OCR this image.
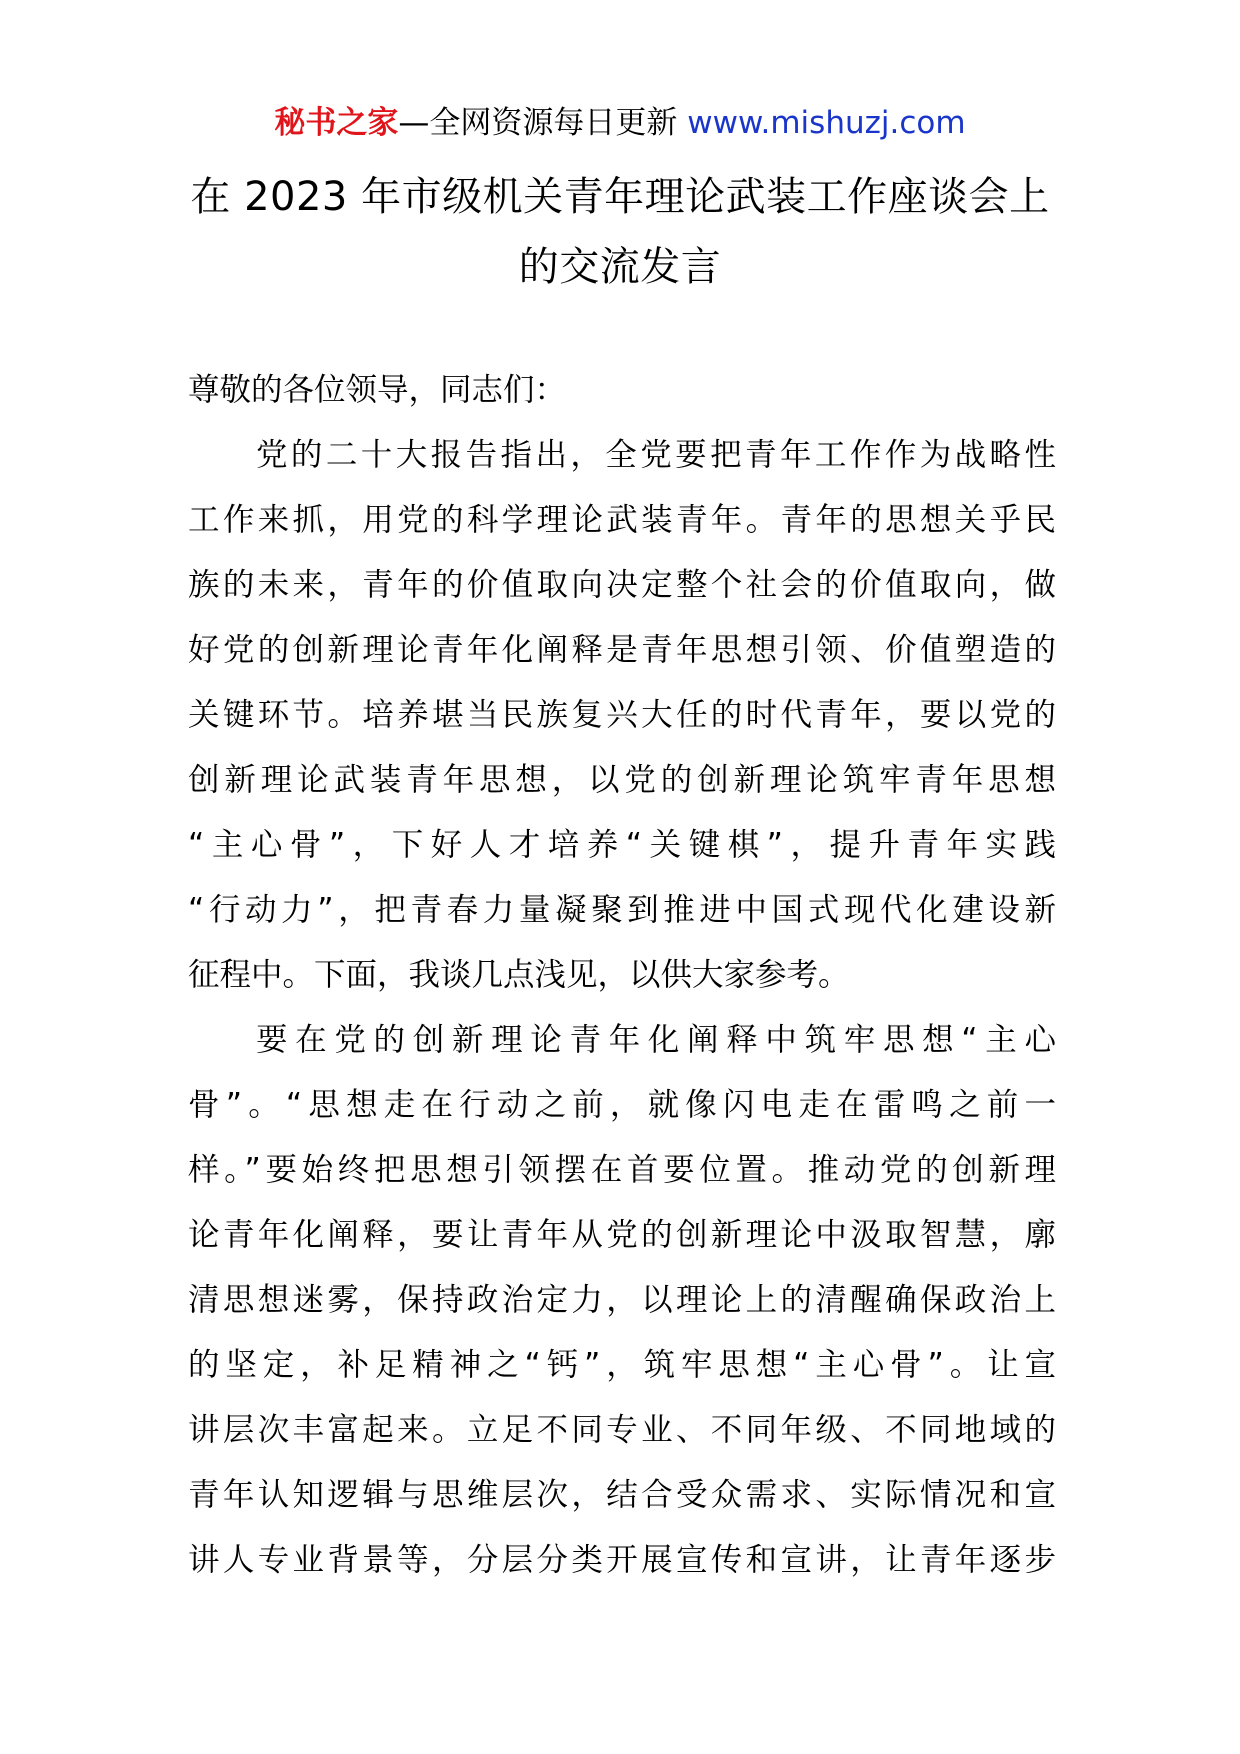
秘书之家—全网资源每日更新 www.mishuzj.com
在 2023 年市级机关青年理论武装工作座谈会上
的交流发言
尊敬的各位领导，同志们：
党的二十大报告指出，全党要把青年工作作为战略性
工作来抓，用党的科学理论武装青年。青年的思想关乎民
族的未来，青年的价值取向决定整个社会的价值取向，做
好党的创新理论青年化阐释是青年思想引领、价值塑造的
关键环节。培养堪当民族复兴大任的时代青年，要以党的
创新理论武装青年思想，以党的创新理论筑牢青年思想
“主心骨”，下好人才培养“关键棋”，提升青年实践
“行动力”，把青春力量凝聚到推进中国式现代化建设新
征程中。下面，我谈几点浅见，以供大家参考。
要在党的创新理论青年化阐释中筑牢思想“主心
骨”。“思想走在行动之前，就像闪电走在雷鸣之前一
样。”要始终把思想引领摆在首要位置。推动党的创新理
论青年化阐释，要让青年从党的创新理论中汲取智慧，廓
清思想迷雾，保持政治定力，以理论上的清醒确保政治上
的坚定，补足精神之“钙”，筑牢思想“主心骨”。让宣
讲层次丰富起来。立足不同专业、不同年级、不同地域的
青年认知逻辑与思维层次，结合受众需求、实际情况和宣
讲人专业背景等，分层分类开展宣传和宣讲，让青年逐步
